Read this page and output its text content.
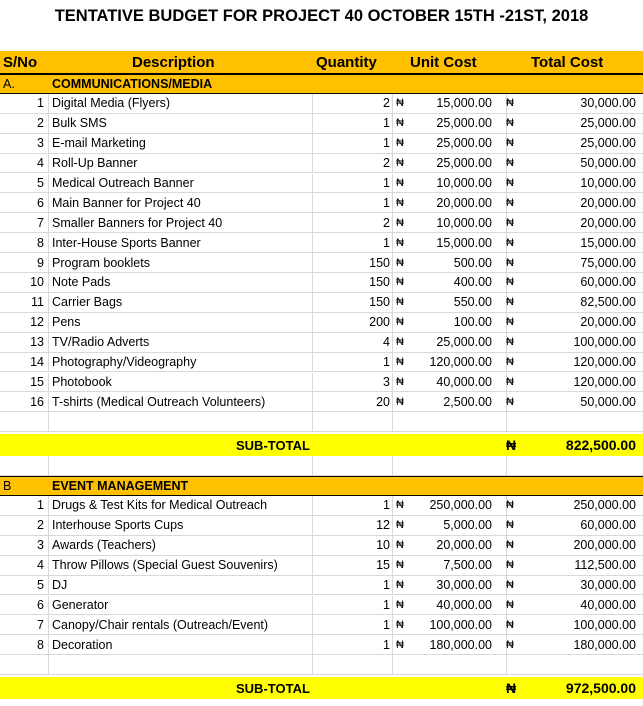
TENTATIVE BUDGET FOR PROJECT 40 OCTOBER 15TH -21ST, 2018
S/No	Description	Quantity Unit Cost	Total Cost
A.	COMMUNICATIONS/MEDIA
1 Digital Media (Flyers)	2 ₦	15,000.00 ₦	30,000.00
2 Bulk SMS	1 ₦	25,000.00 ₦	25,000.00
3 E-mail Marketing	1 ₦	25,000.00 ₦	25,000.00
4 Roll-Up Banner	2 ₦	25,000.00 ₦	50,000.00
5 Medical Outreach Banner	1 ₦	10,000.00 ₦	10,000.00
6 Main Banner for Project 40	1 ₦	20,000.00 ₦	20,000.00
7 Smaller Banners for Project 40	2 ₦	10,000.00 ₦	20,000.00
8 Inter-House Sports Banner	1 ₦	15,000.00 ₦	15,000.00
9 Program booklets	150 ₦	500.00 ₦	75,000.00
10 Note Pads	150 ₦	400.00 ₦	60,000.00
11 Carrier Bags	150 ₦	550.00 ₦	82,500.00
12 Pens	200 ₦	100.00 ₦	20,000.00
13 TV/Radio Adverts	4 ₦	25,000.00 ₦	100,000.00
14 Photography/Videography	1 ₦	120,000.00 ₦	120,000.00
15 Photobook	3 ₦	40,000.00 ₦	120,000.00
16 T-shirts (Medical Outreach Volunteers)	20 ₦	2,500.00 ₦	50,000.00
SUB-TOTAL	₦	822,500.00
B	EVENT MANAGEMENT
1 Drugs & Test Kits for Medical Outreach	1 ₦	250,000.00 ₦	250,000.00
2 Interhouse Sports Cups	12 ₦	5,000.00 ₦	60,000.00
3 Awards (Teachers)	10 ₦	20,000.00 ₦	200,000.00
4 Throw Pillows (Special Guest Souvenirs)	15 ₦	7,500.00 ₦	112,500.00
5 DJ	1 ₦	30,000.00 ₦	30,000.00
6 Generator	1 ₦	40,000.00 ₦	40,000.00
7 Canopy/Chair rentals (Outreach/Event)	1 ₦	100,000.00 ₦	100,000.00
8 Decoration	1 ₦	180,000.00 ₦	180,000.00
SUB-TOTAL	₦	972,500.00
